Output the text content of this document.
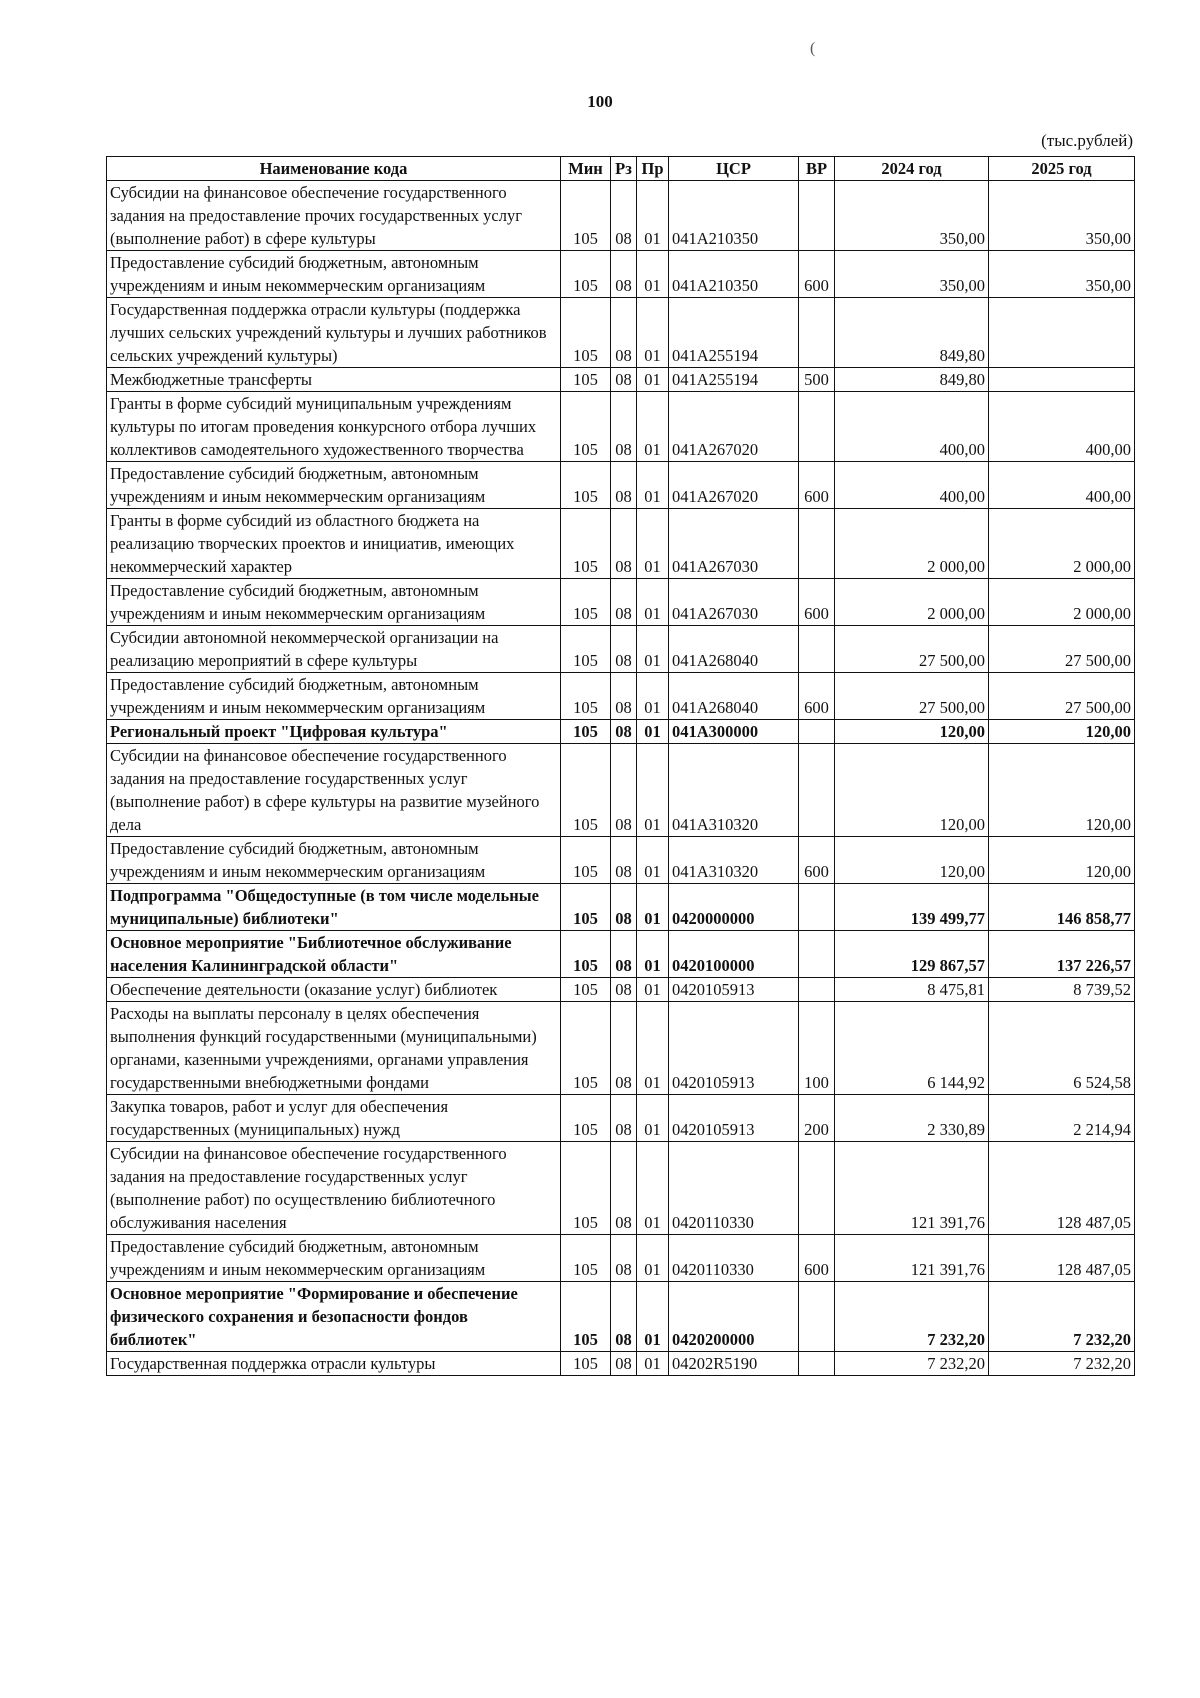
(
100
(тыс.рублей)
Наименование кода	Мин	Рз	Пр	ЦСР	ВР	2024 год	2025 год
Субсидии на финансовое обеспечение государственного задания на предоставление прочих государственных услуг (выполнение работ) в сфере культуры	105	08	01	041A210350		350,00	350,00
Предоставление субсидий бюджетным, автономным учреждениям и иным некоммерческим организациям	105	08	01	041A210350	600	350,00	350,00
Государственная поддержка отрасли культуры (поддержка лучших сельских учреждений культуры и лучших работников сельских учреждений культуры)	105	08	01	041A255194		849,80	
Межбюджетные трансферты	105	08	01	041A255194	500	849,80	
Гранты в форме субсидий муниципальным учреждениям культуры по итогам проведения конкурсного отбора лучших коллективов самодеятельного художественного творчества	105	08	01	041A267020		400,00	400,00
Предоставление субсидий бюджетным, автономным учреждениям и иным некоммерческим организациям	105	08	01	041A267020	600	400,00	400,00
Гранты в форме субсидий из областного бюджета на реализацию творческих проектов и инициатив, имеющих некоммерческий характер	105	08	01	041A267030		2 000,00	2 000,00
Предоставление субсидий бюджетным, автономным учреждениям и иным некоммерческим организациям	105	08	01	041A267030	600	2 000,00	2 000,00
Субсидии автономной некоммерческой организации на реализацию мероприятий в сфере культуры	105	08	01	041A268040		27 500,00	27 500,00
Предоставление субсидий бюджетным, автономным учреждениям и иным некоммерческим организациям	105	08	01	041A268040	600	27 500,00	27 500,00
Региональный проект "Цифровая культура"	105	08	01	041A300000		120,00	120,00
Субсидии на финансовое обеспечение государственного задания на предоставление государственных услуг (выполнение работ) в сфере культуры на развитие музейного дела	105	08	01	041A310320		120,00	120,00
Предоставление субсидий бюджетным, автономным учреждениям и иным некоммерческим организациям	105	08	01	041A310320	600	120,00	120,00
Подпрограмма "Общедоступные (в том числе модельные муниципальные) библиотеки"	105	08	01	0420000000		139 499,77	146 858,77
Основное мероприятие "Библиотечное обслуживание населения Калининградской области"	105	08	01	0420100000		129 867,57	137 226,57
Обеспечение деятельности (оказание услуг) библиотек	105	08	01	0420105913		8 475,81	8 739,52
Расходы на выплаты персоналу в целях обеспечения выполнения функций государственными (муниципальными) органами, казенными учреждениями, органами управления государственными внебюджетными фондами	105	08	01	0420105913	100	6 144,92	6 524,58
Закупка товаров, работ и услуг для обеспечения государственных (муниципальных) нужд	105	08	01	0420105913	200	2 330,89	2 214,94
Субсидии на финансовое обеспечение государственного задания на предоставление государственных услуг (выполнение работ) по осуществлению библиотечного обслуживания населения	105	08	01	0420110330		121 391,76	128 487,05
Предоставление субсидий бюджетным, автономным учреждениям и иным некоммерческим организациям	105	08	01	0420110330	600	121 391,76	128 487,05
Основное мероприятие "Формирование и обеспечение физического сохранения и безопасности фондов библиотек"	105	08	01	0420200000		7 232,20	7 232,20
Государственная поддержка отрасли культуры	105	08	01	04202R5190		7 232,20	7 232,20
